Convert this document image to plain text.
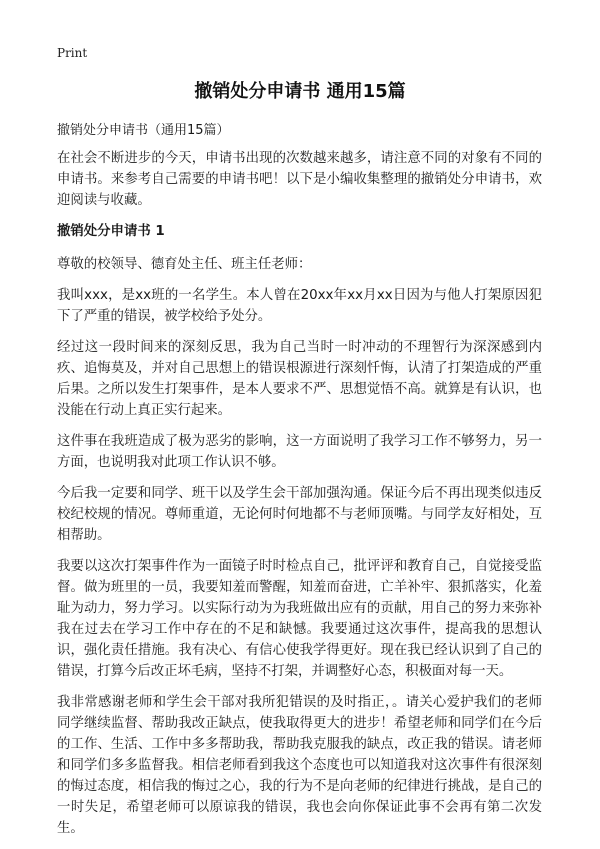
Print
撤销处分申请书 通用15篇
撤销处分申请书（通用15篇）

在社会不断进步的今天，申请书出现的次数越来越多，请注意不同的对象有不同的申请书。来参考自己需要的申请书吧！以下是小编收集整理的撤销处分申请书，欢迎阅读与收藏。

撤销处分申请书 1

尊敬的校领导、德育处主任、班主任老师：

我叫xxx，是xx班的一名学生。本人曾在20xx年xx月xx日因为与他人打架原因犯下了严重的错误，被学校给予处分。

经过这一段时间来的深刻反思，我为自己当时一时冲动的不理智行为深深感到内疚、追悔莫及，并对自己思想上的错误根源进行深刻忏悔，认清了打架造成的严重后果。之所以发生打架事件，是本人要求不严、思想觉悟不高。就算是有认识，也没能在行动上真正实行起来。

这件事在我班造成了极为恶劣的影响，这一方面说明了我学习工作不够努力，另一方面，也说明我对此项工作认识不够。

今后我一定要和同学、班干以及学生会干部加强沟通。保证今后不再出现类似违反校纪校规的情况。尊师重道，无论何时何地都不与老师顶嘴。与同学友好相处，互相帮助。

我要以这次打架事件作为一面镜子时时检点自己，批评评和教育自己，自觉接受监督。做为班里的一员，我要知羞而警醒，知羞而奋进，亡羊补牢、狠抓落实，化羞耻为动力，努力学习。以实际行动为为我班做出应有的贡献，用自己的努力来弥补我在过去在学习工作中存在的不足和缺憾。我要通过这次事件，提高我的思想认识，强化责任措施。我有决心、有信心使我学得更好。现在我已经认识到了自己的错误，打算今后改正坏毛病，坚持不打架，并调整好心态，积极面对每一天。

我非常感谢老师和学生会干部对我所犯错误的及时指正，。请关心爱护我们的老师同学继续监督、帮助我改正缺点，使我取得更大的进步！希望老师和同学们在今后的工作、生活、工作中多多帮助我，帮助我克服我的缺点，改正我的错误。请老师和同学们多多监督我。相信老师看到我这个态度也可以知道我对这次事件有很深刻的悔过态度，相信我的悔过之心，我的行为不是向老师的纪律进行挑战，是自己的一时失足，希望老师可以原谅我的错误，我也会向你保证此事不会再有第二次发生。
